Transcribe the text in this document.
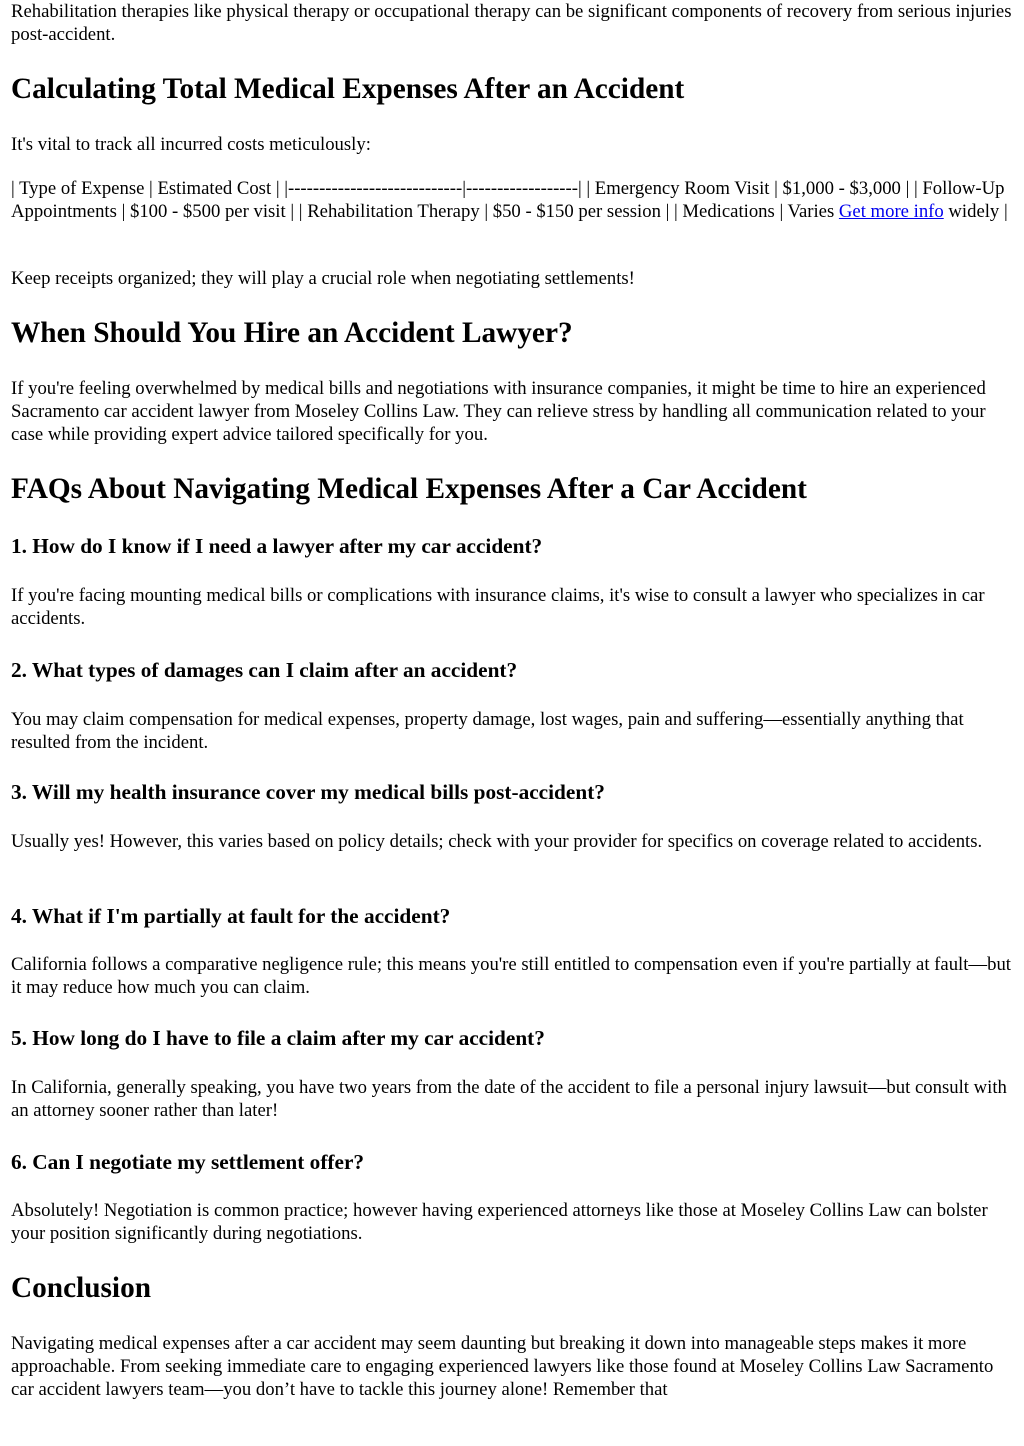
Rehabilitation therapies like physical therapy or occupational therapy can be significant components of recovery from serious injuries post-accident.

Calculating Total Medical Expenses After an Accident

It's vital to track all incurred costs meticulously:

| Type of Expense | Estimated Cost | |----------------------------|------------------| | Emergency Room Visit | $1,000 - $3,000 | | Follow-Up Appointments | $100 - $500 per visit | | Rehabilitation Therapy | $50 - $150 per session | | Medications | Varies Get more info widely |

Keep receipts organized; they will play a crucial role when negotiating settlements!

When Should You Hire an Accident Lawyer?

If you're feeling overwhelmed by medical bills and negotiations with insurance companies, it might be time to hire an experienced Sacramento car accident lawyer from Moseley Collins Law. They can relieve stress by handling all communication related to your case while providing expert advice tailored specifically for you.

FAQs About Navigating Medical Expenses After a Car Accident
1. How do I know if I need a lawyer after my car accident?

If you're facing mounting medical bills or complications with insurance claims, it's wise to consult a lawyer who specializes in car accidents.

2. What types of damages can I claim after an accident?

You may claim compensation for medical expenses, property damage, lost wages, pain and suffering—essentially anything that resulted from the incident.

3. Will my health insurance cover my medical bills post-accident?

Usually yes! However, this varies based on policy details; check with your provider for specifics on coverage related to accidents.

4. What if I'm partially at fault for the accident?

California follows a comparative negligence rule; this means you're still entitled to compensation even if you're partially at fault—but it may reduce how much you can claim.

5. How long do I have to file a claim after my car accident?

In California, generally speaking, you have two years from the date of the accident to file a personal injury lawsuit—but consult with an attorney sooner rather than later!

6. Can I negotiate my settlement offer?

Absolutely! Negotiation is common practice; however having experienced attorneys like those at Moseley Collins Law can bolster your position significantly during negotiations.

Conclusion

Navigating medical expenses after a car accident may seem daunting but breaking it down into manageable steps makes it more approachable. From seeking immediate care to engaging experienced lawyers like those found at Moseley Collins Law Sacramento car accident lawyers team—you don’t have to tackle this journey alone! Remember that
